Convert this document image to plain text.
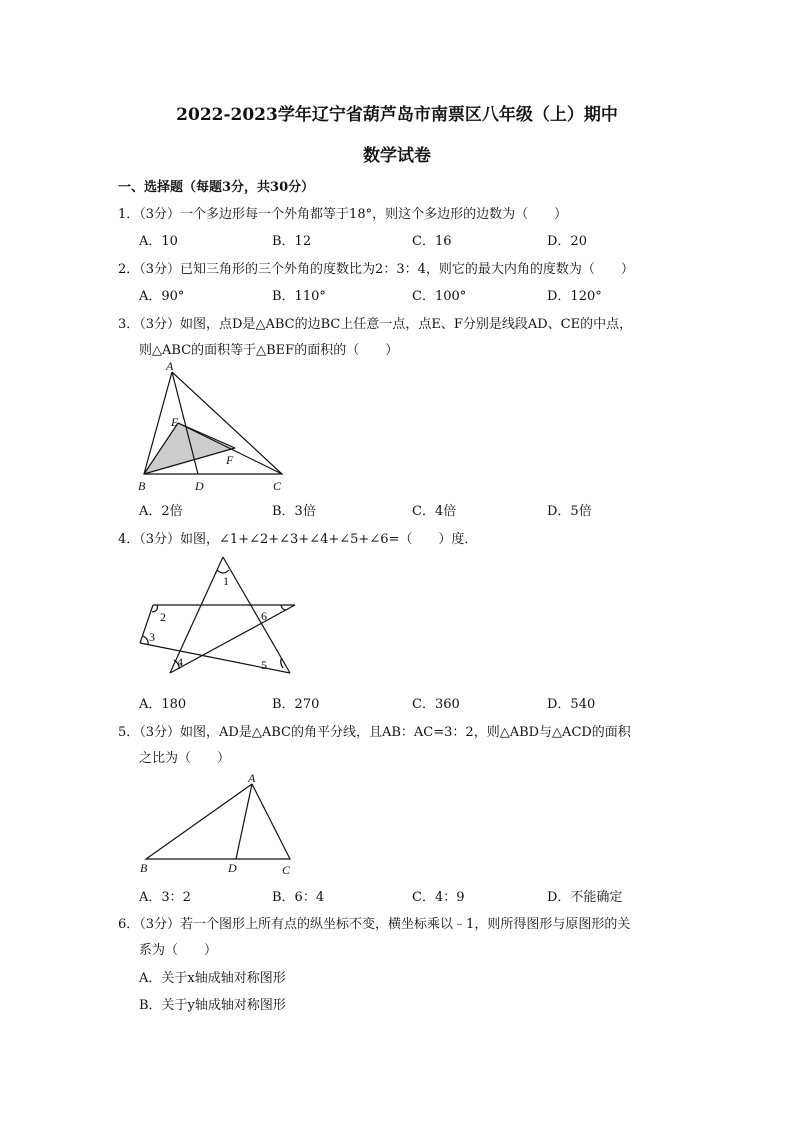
2022-2023学年辽宁省葫芦岛市南票区八年级（上）期中
数学试卷
一、选择题（每题3分，共30分）
1．（3分）一个多边形每一个外角都等于18°，则这个多边形的边数为（　　）
A．10	B．12	C．16	D．20
2．（3分）已知三角形的三个外角的度数比为2：3：4，则它的最大内角的度数为（　　）
A．90°	B．110°	C．100°	D．120°
3．（3分）如图，点D是△ABC的边BC上任意一点，点E、F分别是线段AD、CE的中点，
则△ABC的面积等于△BEF的面积的（　　）
A
E
F
B	D	C
A．2倍	B．3倍	C．4倍	D．5倍
4．（3分）如图，∠1+∠2+∠3+∠4+∠5+∠6=（　　）度．
1
2
3
4	5
6
A．180	B．270	C．360	D．540
5．（3分）如图，AD是△ABC的角平分线，且AB：AC=3：2，则△ABD与△ACD的面积
之比为（　　）
A
B	D	C
A．3：2	B．6：4	C．4：9	D．不能确定
6．（3分）若一个图形上所有点的纵坐标不变，横坐标乘以﹣1，则所得图形与原图形的关
系为（　　）
A．关于x轴成轴对称图形
B．关于y轴成轴对称图形
